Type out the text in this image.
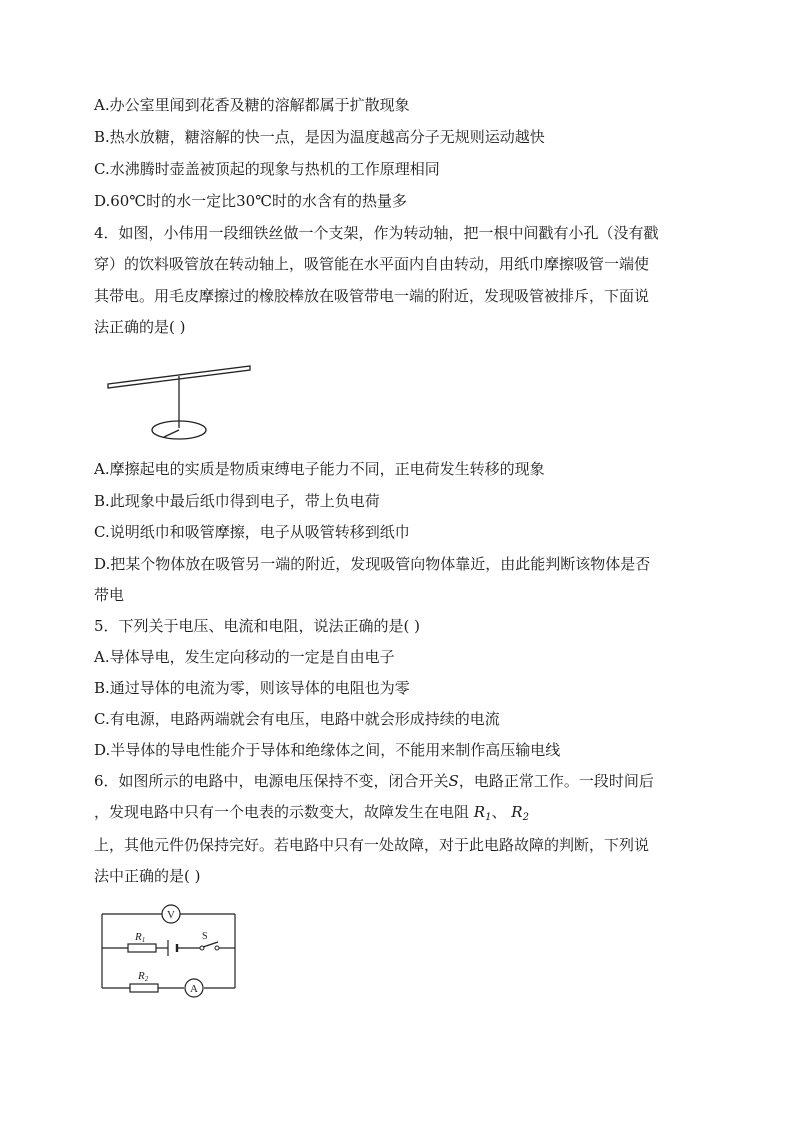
A.办公室里闻到花香及糖的溶解都属于扩散现象
B.热水放糖，糖溶解的快一点，是因为温度越高分子无规则运动越快
C.水沸腾时壶盖被顶起的现象与热机的工作原理相同
D.60℃时的水一定比30℃时的水含有的热量多
4．如图，小伟用一段细铁丝做一个支架，作为转动轴，把一根中间戳有小孔（没有戳
穿）的饮料吸管放在转动轴上，吸管能在水平面内自由转动，用纸巾摩擦吸管一端使
其带电。用毛皮摩擦过的橡胶棒放在吸管带电一端的附近，发现吸管被排斥，下面说
法正确的是( )
A.摩擦起电的实质是物质束缚电子能力不同，正电荷发生转移的现象
B.此现象中最后纸巾得到电子，带上负电荷
C.说明纸巾和吸管摩擦，电子从吸管转移到纸巾
D.把某个物体放在吸管另一端的附近，发现吸管向物体靠近，由此能判断该物体是否
带电
5．下列关于电压、电流和电阻，说法正确的是( )
A.导体导电，发生定向移动的一定是自由电子
B.通过导体的电流为零，则该导体的电阻也为零
C.有电源，电路两端就会有电压，电路中就会形成持续的电流
D.半导体的导电性能介于导体和绝缘体之间，不能用来制作高压输电线
6．如图所示的电路中，电源电压保持不变，闭合开关S，电路正常工作。一段时间后
，发现电路中只有一个电表的示数变大，故障发生在电阻 $R_1$、 $R_2$
上，其他元件仍保持完好。若电路中只有一处故障，对于此电路故障的判断，下列说
法中正确的是( )
V
A
R1
R2
S
